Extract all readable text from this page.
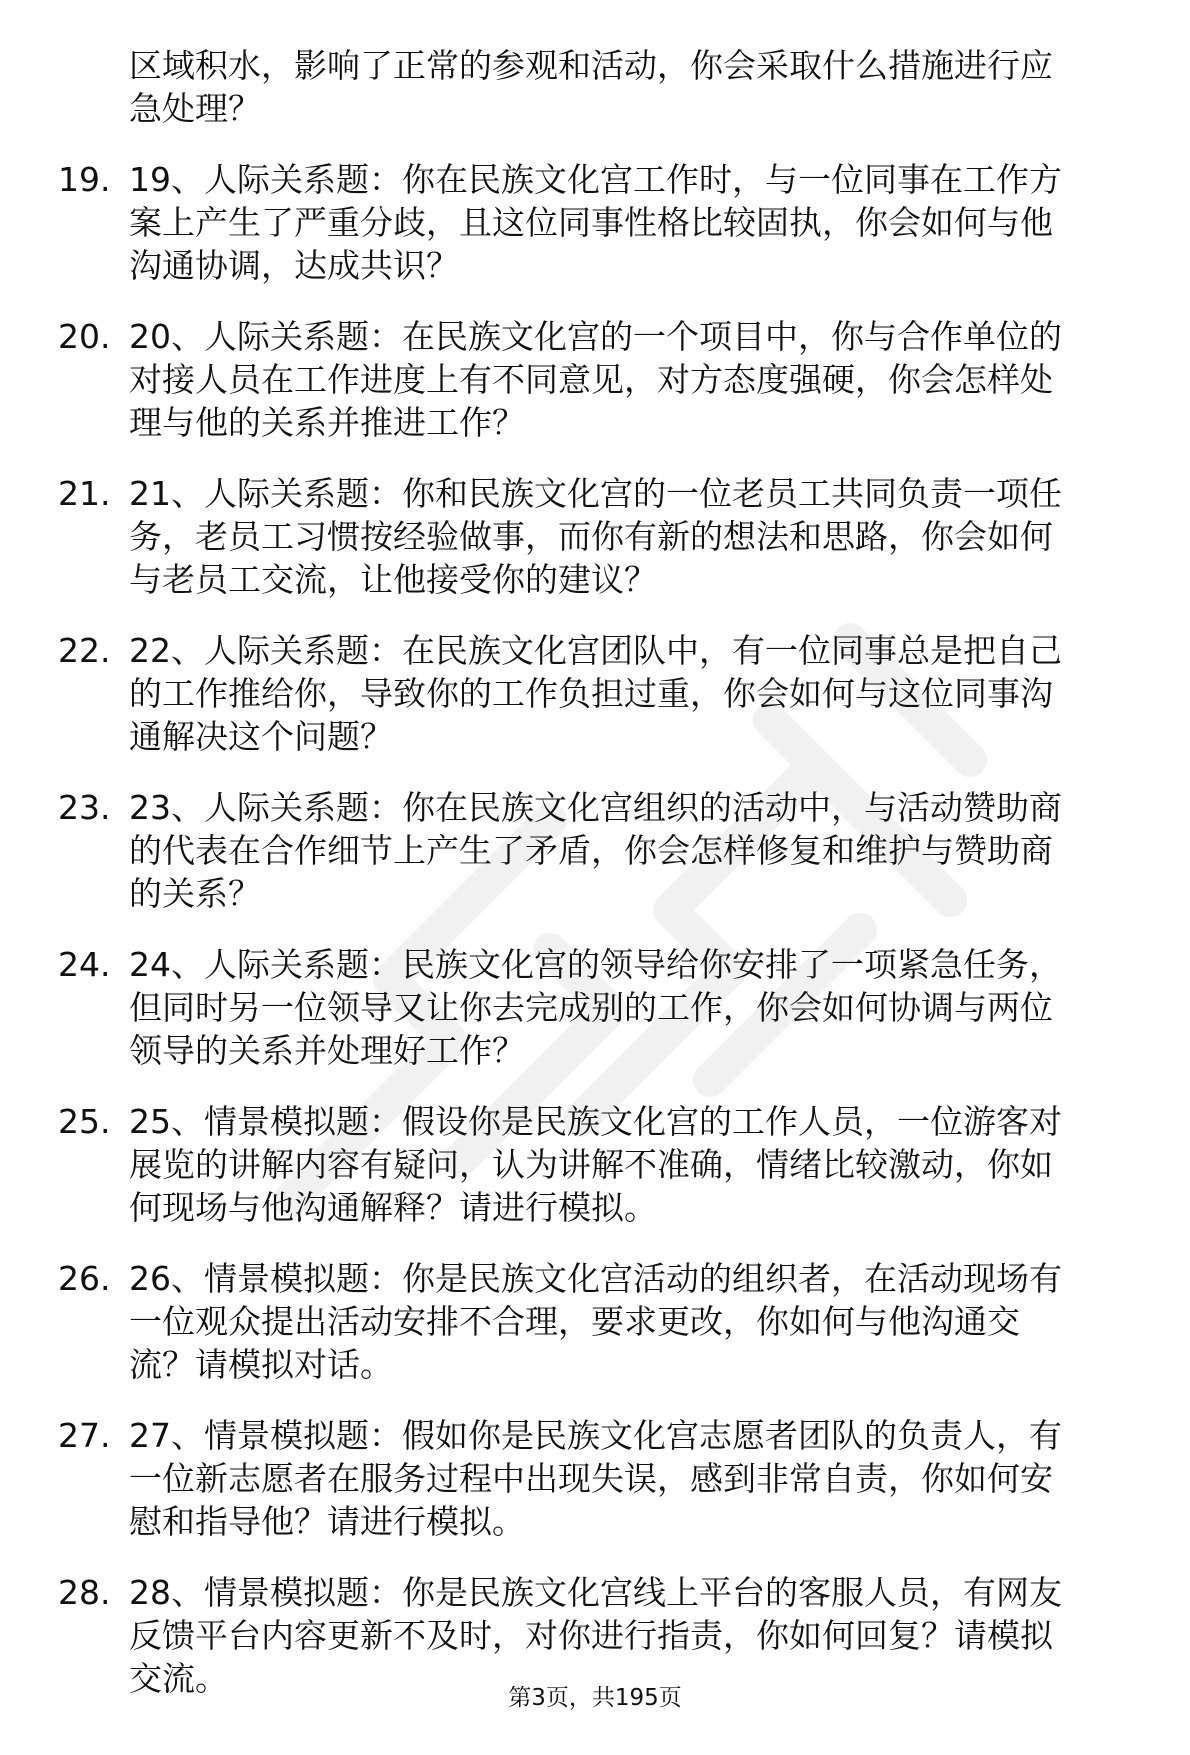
区域积水，影响了正常的参观和活动，你会采取什么措施进行应
急处理？
19. 19、人际关系题：你在民族文化宫工作时，与一位同事在工作方
案上产生了严重分歧，且这位同事性格比较固执，你会如何与他
沟通协调，达成共识？
20. 20、人际关系题：在民族文化宫的一个项目中，你与合作单位的
对接人员在工作进度上有不同意见，对方态度强硬，你会怎样处
理与他的关系并推进工作？
21. 21、人际关系题：你和民族文化宫的一位老员工共同负责一项任
务，老员工习惯按经验做事，而你有新的想法和思路，你会如何
与老员工交流，让他接受你的建议？
22. 22、人际关系题：在民族文化宫团队中，有一位同事总是把自己
的工作推给你，导致你的工作负担过重，你会如何与这位同事沟
通解决这个问题？
23. 23、人际关系题：你在民族文化宫组织的活动中，与活动赞助商
的代表在合作细节上产生了矛盾，你会怎样修复和维护与赞助商
的关系？
24. 24、人际关系题：民族文化宫的领导给你安排了一项紧急任务，
但同时另一位领导又让你去完成别的工作，你会如何协调与两位
领导的关系并处理好工作？
25. 25、情景模拟题：假设你是民族文化宫的工作人员，一位游客对
展览的讲解内容有疑问，认为讲解不准确，情绪比较激动，你如
何现场与他沟通解释？请进行模拟。
26. 26、情景模拟题：你是民族文化宫活动的组织者，在活动现场有
一位观众提出活动安排不合理，要求更改，你如何与他沟通交
流？请模拟对话。
27. 27、情景模拟题：假如你是民族文化宫志愿者团队的负责人，有
一位新志愿者在服务过程中出现失误，感到非常自责，你如何安
慰和指导他？请进行模拟。
28. 28、情景模拟题：你是民族文化宫线上平台的客服人员，有网友
反馈平台内容更新不及时，对你进行指责，你如何回复？请模拟
交流。	第3页，共195页
